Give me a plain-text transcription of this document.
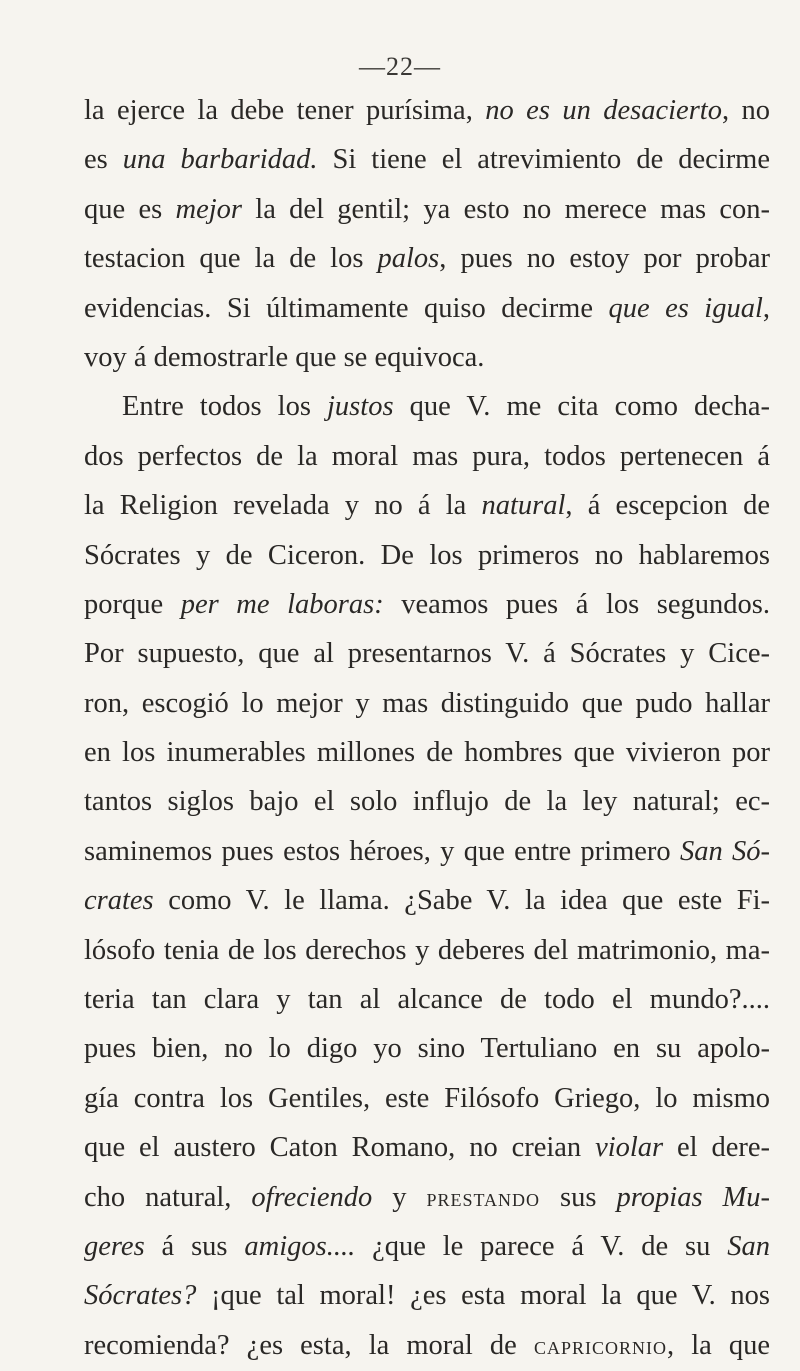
—22—
la ejerce la debe tener purísima, no es un desacierto, no
es una barbaridad. Si tiene el atrevimiento de decirme
que es mejor la del gentil; ya esto no merece mas con-
testacion que la de los palos, pues no estoy por probar
evidencias. Si últimamente quiso decirme que es igual,
voy á demostrarle que se equivoca.
Entre todos los justos que V. me cita como decha-
dos perfectos de la moral mas pura, todos pertenecen á
la Religion revelada y no á la natural, á escepcion de
Sócrates y de Ciceron. De los primeros no hablaremos
porque per me laboras: veamos pues á los segundos.
Por supuesto, que al presentarnos V. á Sócrates y Cice-
ron, escogió lo mejor y mas distinguido que pudo hallar
en los inumerables millones de hombres que vivieron por
tantos siglos bajo el solo influjo de la ley natural; ec-
saminemos pues estos héroes, y que entre primero San Só-
crates como V. le llama. ¿Sabe V. la idea que este Fi-
lósofo tenia de los derechos y deberes del matrimonio, ma-
teria tan clara y tan al alcance de todo el mundo?....
pues bien, no lo digo yo sino Tertuliano en su apolo-
gía contra los Gentiles, este Filósofo Griego, lo mismo
que el austero Caton Romano, no creian violar el dere-
cho natural, ofreciendo y prestando sus propias Mu-
geres á sus amigos.... ¿que le parece á V. de su San
Sócrates? ¡que tal moral! ¿es esta moral la que V. nos
recomienda? ¿es esta, la moral de capricornio, la que
